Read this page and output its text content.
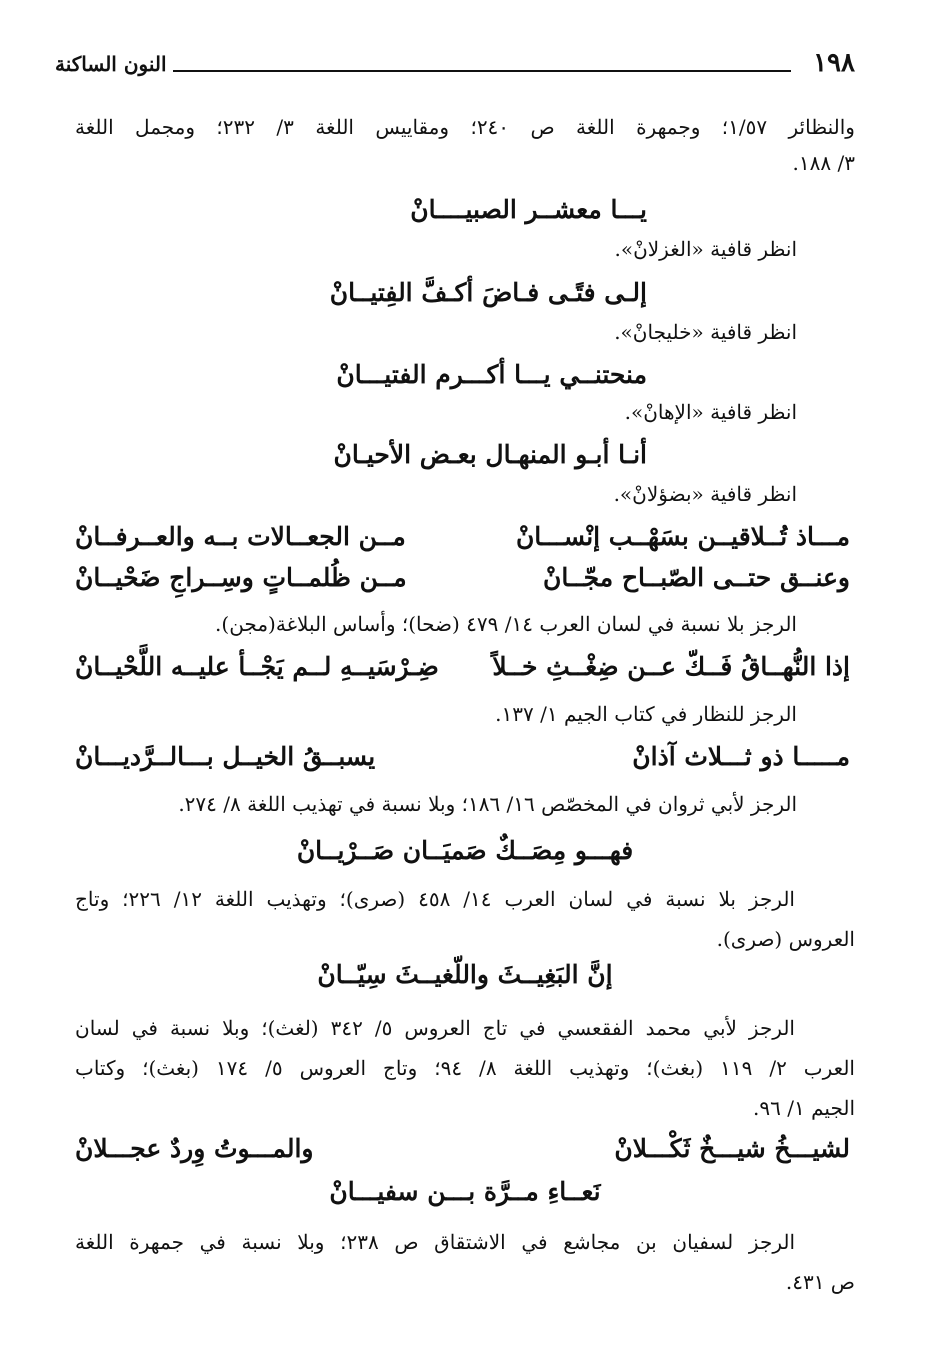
١٩٨
النون الساكنة
والنظائر ١/٥٧؛ وجمهرة اللغة ص ٢٤٠؛ ومقاييس اللغة ٣/ ٢٣٢؛ ومجمل اللغة
٣/ ١٨٨.
يـــا معشــر الصبيــــانْ
انظر قافية «الغزلانْ».
إلـى فتًـى فـاضَ أكـفَّ الفِتيــانْ
انظر قافية «خليجانْ».
منحتنــي يـــا أكـــرم الفتيـــانْ
انظر قافية «الإهانْ».
أنـا أبـو المنهـال بعـض الأحيـانْ
انظر قافية «بضؤلانْ».
مـــاذ تُــلاقيــن بسَهْــب إنْســـانْ
مــن الجعــالات بــه والعــرفــانْ
وعنــق حتــى الصّبــاح مجّــانْ
مــن ظُلمــاتٍ وسِــراجِ ضَحْيــانْ
الرجز بلا نسبة في لسان العرب ١٤/ ٤٧٩ (ضحا)؛ وأساس البلاغة(مجن).
إذا النُّهــاقُ فَــكّ عــن ضِغْــثِ خــلاً
ضِـرْسَيــهِ لــم يَجْــأ عليــه اللَّحْيــانْ
الرجز للنظار في كتاب الجيم ١/ ١٣٧.
مـــــا ذو ثـــلاث آذانْ
يسبــقُ الخيــل بـــالــرَّديـــانْ
الرجز لأبي ثروان في المخصّص ١٦/ ١٨٦؛ وبلا نسبة في تهذيب اللغة ٨/ ٢٧٤.
فهـــو مِصَــكٌ صَميَــان صَــرْيــانْ
الرجز بلا نسبة في لسان العرب ١٤/ ٤٥٨ (صرى)؛ وتهذيب اللغة ١٢/ ٢٢٦؛ وتاج
العروس (صرى).
إنَّ البَغِيــثَ واللّغيــثَ سِيّــانْ
الرجز لأبي محمد الفقعسي في تاج العروس ٥/ ٣٤٢ (لغث)؛ وبلا نسبة في لسان
العرب ٢/ ١١٩ (بغث)؛ وتهذيب اللغة ٨/ ٩٤؛ وتاج العروس ٥/ ١٧٤ (بغث)؛ وكتاب
الجيم ١/ ٩٦.
لشيـــخُ شيـــخٌ ثَكْـــلانْ
والمـــوتُ وِردٌ عجـــلانْ
نَعــاءِ مــرَّة بـــن سفيـــانْ
الرجز لسفيان بن مجاشع في الاشتقاق ص ٢٣٨؛ وبلا نسبة في جمهرة اللغة
ص ٤٣١.
